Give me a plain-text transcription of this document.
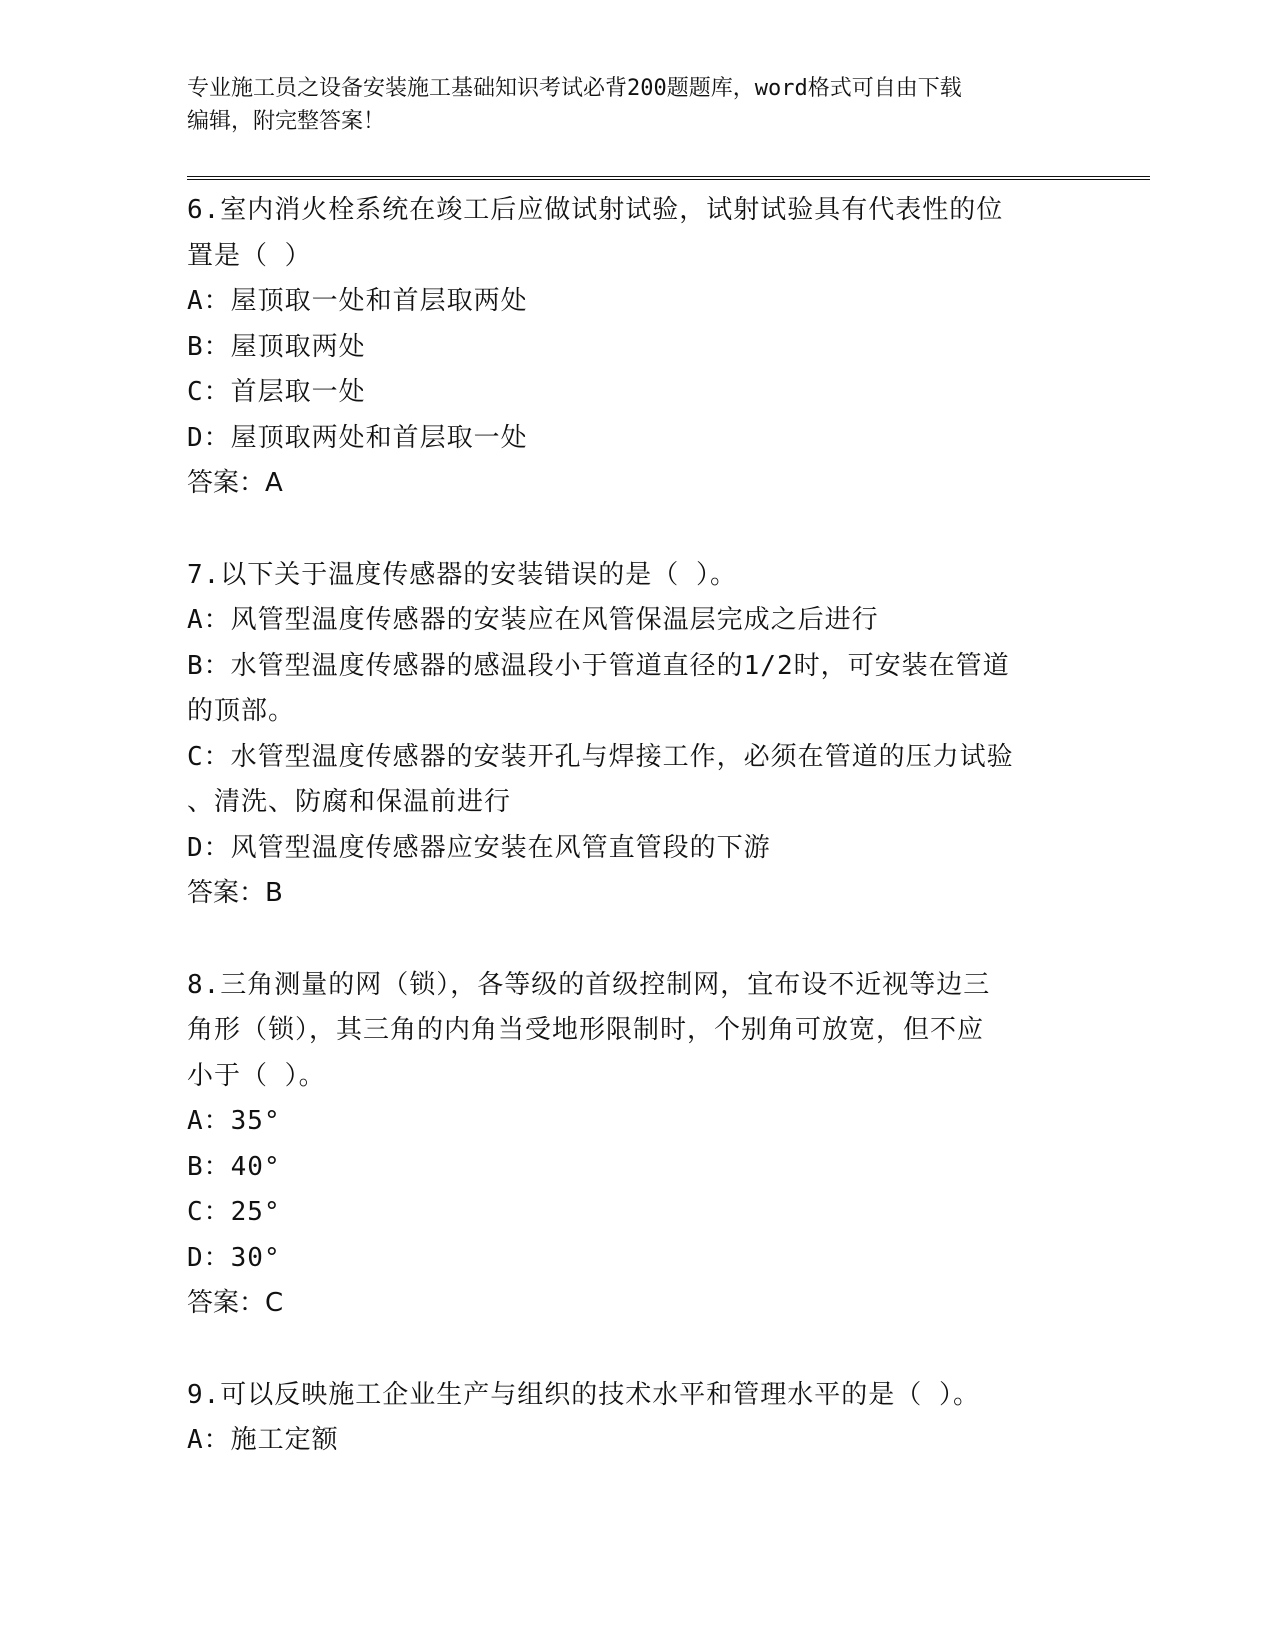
专业施工员之设备安装施工基础知识考试必背200题题库，word格式可自由下载
编辑，附完整答案！
6.室内消火栓系统在竣工后应做试射试验，试射试验具有代表性的位
置是（ ）
A：屋顶取一处和首层取两处
B：屋顶取两处
C：首层取一处
D：屋顶取两处和首层取一处
答案：A
7.以下关于温度传感器的安装错误的是（ ）。
A：风管型温度传感器的安装应在风管保温层完成之后进行
B：水管型温度传感器的感温段小于管道直径的1/2时，可安装在管道
的顶部。
C：水管型温度传感器的安装开孔与焊接工作，必须在管道的压力试验
、清洗、防腐和保温前进行
D：风管型温度传感器应安装在风管直管段的下游
答案：B
8.三角测量的网（锁），各等级的首级控制网，宜布设不近视等边三
角形（锁），其三角的内角当受地形限制时，个别角可放宽，但不应
小于（ ）。
A：35°
B：40°
C：25°
D：30°
答案：C
9.可以反映施工企业生产与组织的技术水平和管理水平的是（ ）。
A：施工定额
